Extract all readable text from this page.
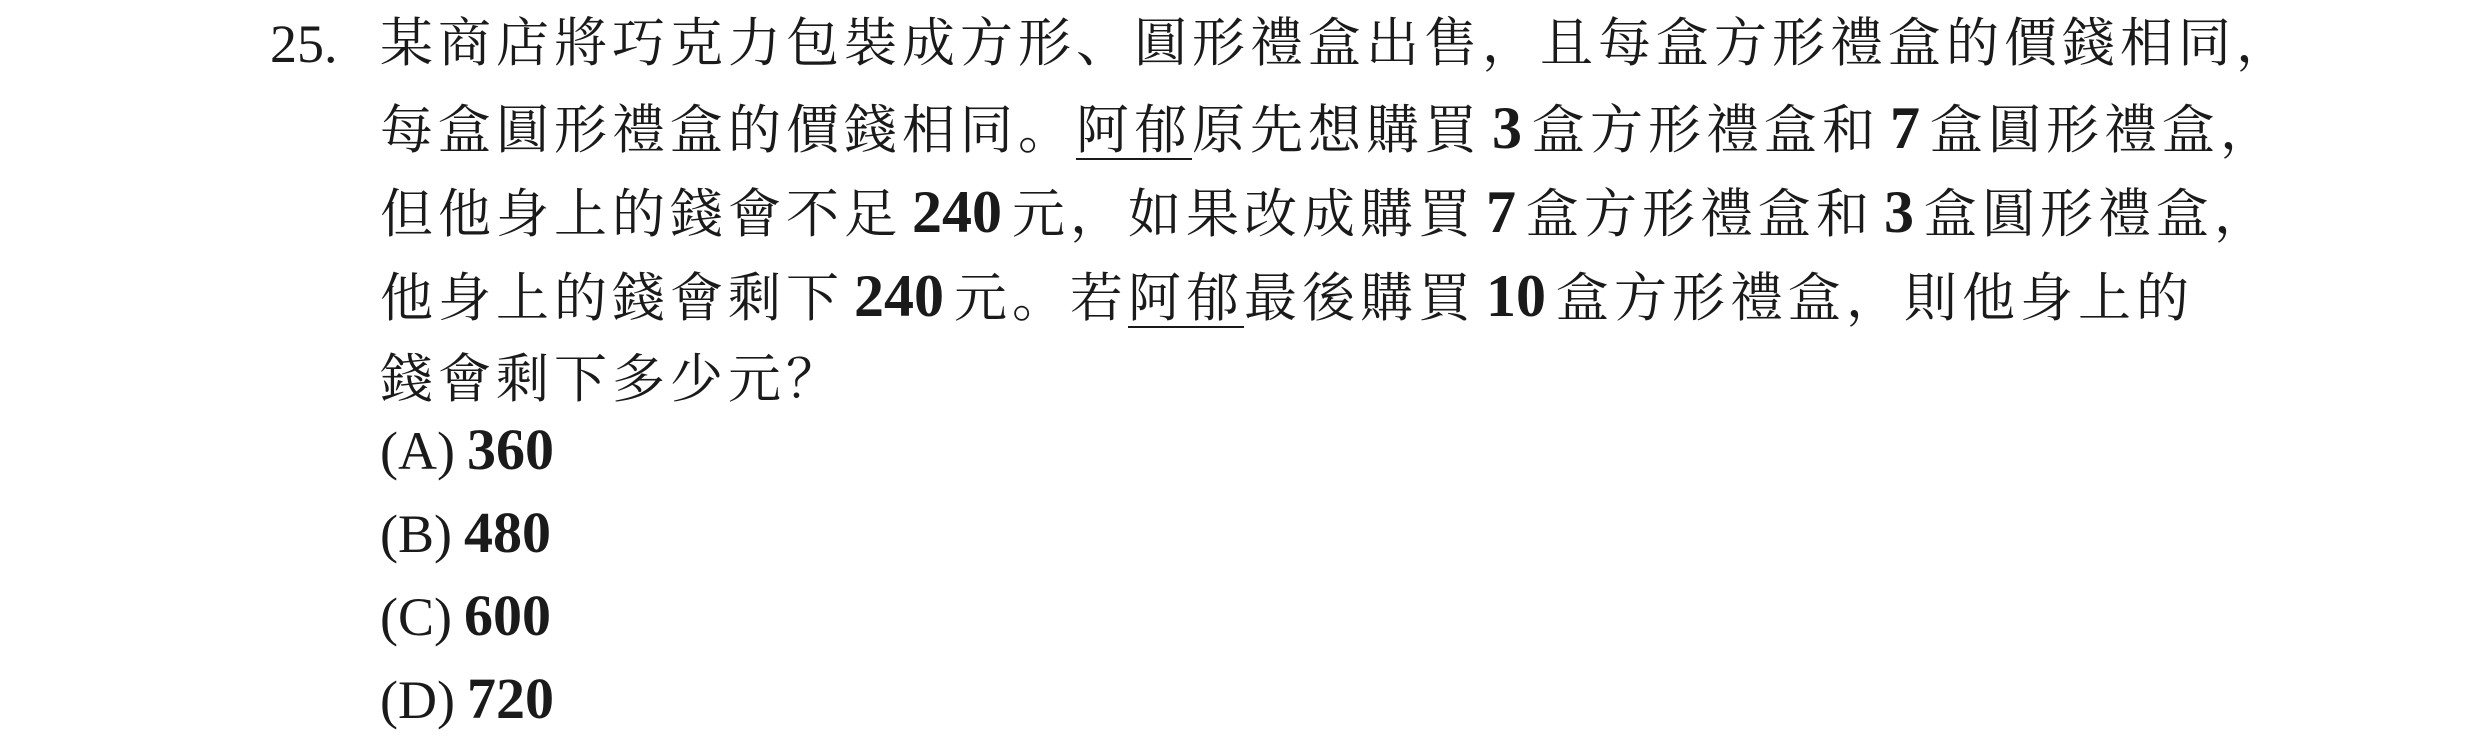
25. 某商店將巧克力包裝成方形、圓形禮盒出售，且每盒方形禮盒的價錢相同，
每盒圓形禮盒的價錢相同。阿郁原先想購買 3 盒方形禮盒和 7 盒圓形禮盒，
但他身上的錢會不足 240 元，如果改成購買 7 盒方形禮盒和 3 盒圓形禮盒，
他身上的錢會剩下 240 元。若阿郁最後購買 10 盒方形禮盒，則他身上的
錢會剩下多少元？
(A) 360
(B) 480
(C) 600
(D) 720
